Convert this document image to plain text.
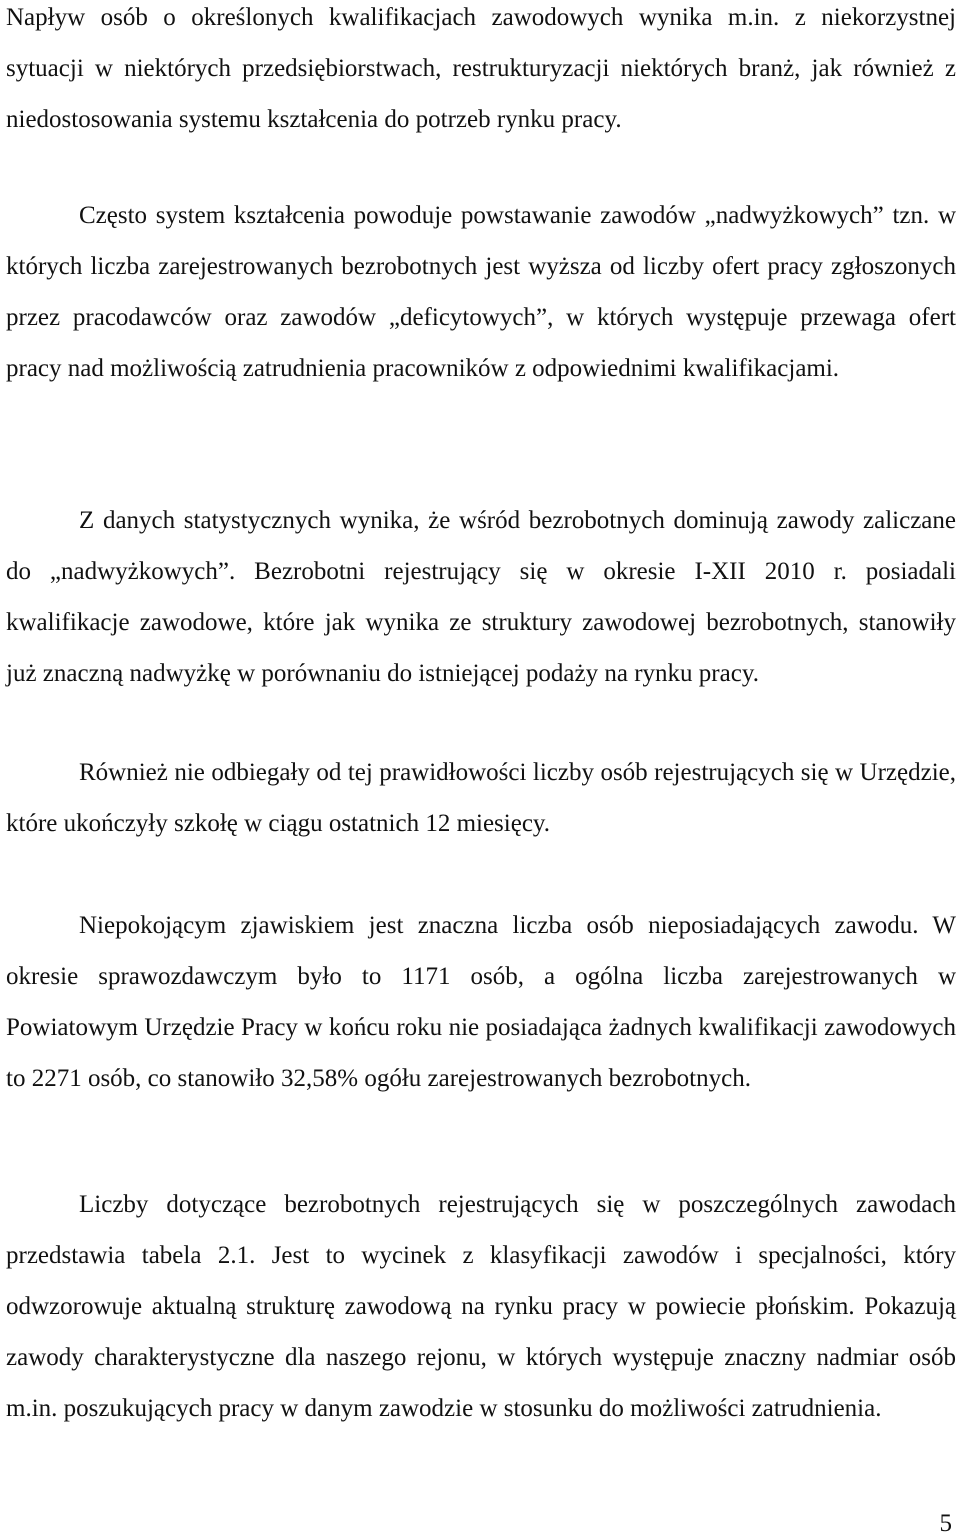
Napływ osób o określonych kwalifikacjach zawodowych wynika m.in. z niekorzystnej sytuacji w niektórych przedsiębiorstwach, restrukturyzacji niektórych branż, jak również z niedostosowania systemu kształcenia do potrzeb rynku pracy.

Często system kształcenia powoduje powstawanie zawodów „nadwyżkowych” tzn. w których liczba zarejestrowanych bezrobotnych jest wyższa od liczby ofert pracy zgłoszonych przez pracodawców oraz zawodów „deficytowych”, w których występuje przewaga ofert pracy nad możliwością zatrudnienia pracowników z odpowiednimi kwalifikacjami.

Z danych statystycznych wynika, że wśród bezrobotnych dominują zawody zaliczane do „nadwyżkowych”. Bezrobotni rejestrujący się w okresie I-XII 2010 r. posiadali kwalifikacje zawodowe, które jak wynika ze struktury zawodowej bezrobotnych, stanowiły już znaczną nadwyżkę w porównaniu do istniejącej podaży na rynku pracy.

Również nie odbiegały od tej prawidłowości liczby osób rejestrujących się w Urzędzie, które ukończyły szkołę w ciągu ostatnich 12 miesięcy.

Niepokojącym zjawiskiem jest znaczna liczba osób nieposiadających zawodu. W okresie sprawozdawczym było to 1171 osób, a ogólna liczba zarejestrowanych w Powiatowym Urzędzie Pracy w końcu roku nie posiadająca żadnych kwalifikacji zawodowych to 2271 osób, co stanowiło 32,58% ogółu zarejestrowanych bezrobotnych.

Liczby dotyczące bezrobotnych rejestrujących się w poszczególnych zawodach przedstawia tabela 2.1. Jest to wycinek z klasyfikacji zawodów i specjalności, który odwzorowuje aktualną strukturę zawodową na rynku pracy w powiecie płońskim. Pokazują zawody charakterystyczne dla naszego rejonu, w których występuje znaczny nadmiar osób m.in. poszukujących pracy w danym zawodzie w stosunku do możliwości zatrudnienia.

5
